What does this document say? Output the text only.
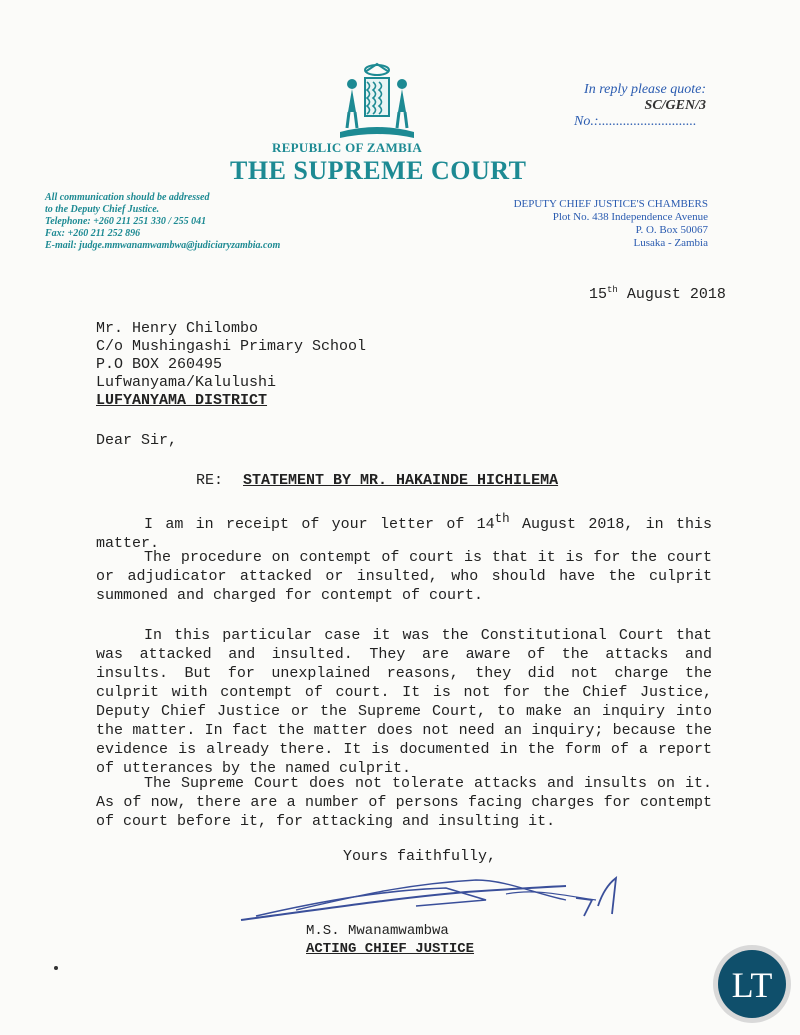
REPUBLIC OF ZAMBIA
THE SUPREME COURT
In reply please quote:
SC/GEN/3
No.:............................
All communication should be addressed
to the Deputy Chief Justice.
Telephone: +260 211 251 330 / 255 041
Fax: +260 211 252 896
E-mail: judge.mmwanamwambwa@judiciaryzambia.com
DEPUTY CHIEF JUSTICE'S CHAMBERS
Plot No. 438 Independence Avenue
P. O. Box 50067
Lusaka - Zambia
15th August 2018
Mr. Henry Chilombo
C/o Mushingashi Primary School
P.O BOX 260495
Lufwanyama/Kalulushi
LUFYANYAMA DISTRICT
Dear Sir,
RE: STATEMENT BY MR. HAKAINDE HICHILEMA
I am in receipt of your letter of 14th August 2018, in this matter.
The procedure on contempt of court is that it is for the court or adjudicator attacked or insulted, who should have the culprit summoned and charged for contempt of court.
In this particular case it was the Constitutional Court that was attacked and insulted. They are aware of the attacks and insults. But for unexplained reasons, they did not charge the culprit with contempt of court. It is not for the Chief Justice, Deputy Chief Justice or the Supreme Court, to make an inquiry into the matter. In fact the matter does not need an inquiry; because the evidence is already there. It is documented in the form of a report of utterances by the named culprit.
The Supreme Court does not tolerate attacks and insults on it. As of now, there are a number of persons facing charges for contempt of court before it, for attacking and insulting it.
Yours faithfully,
M.S. Mwanamwambwa
ACTING CHIEF JUSTICE
LT
